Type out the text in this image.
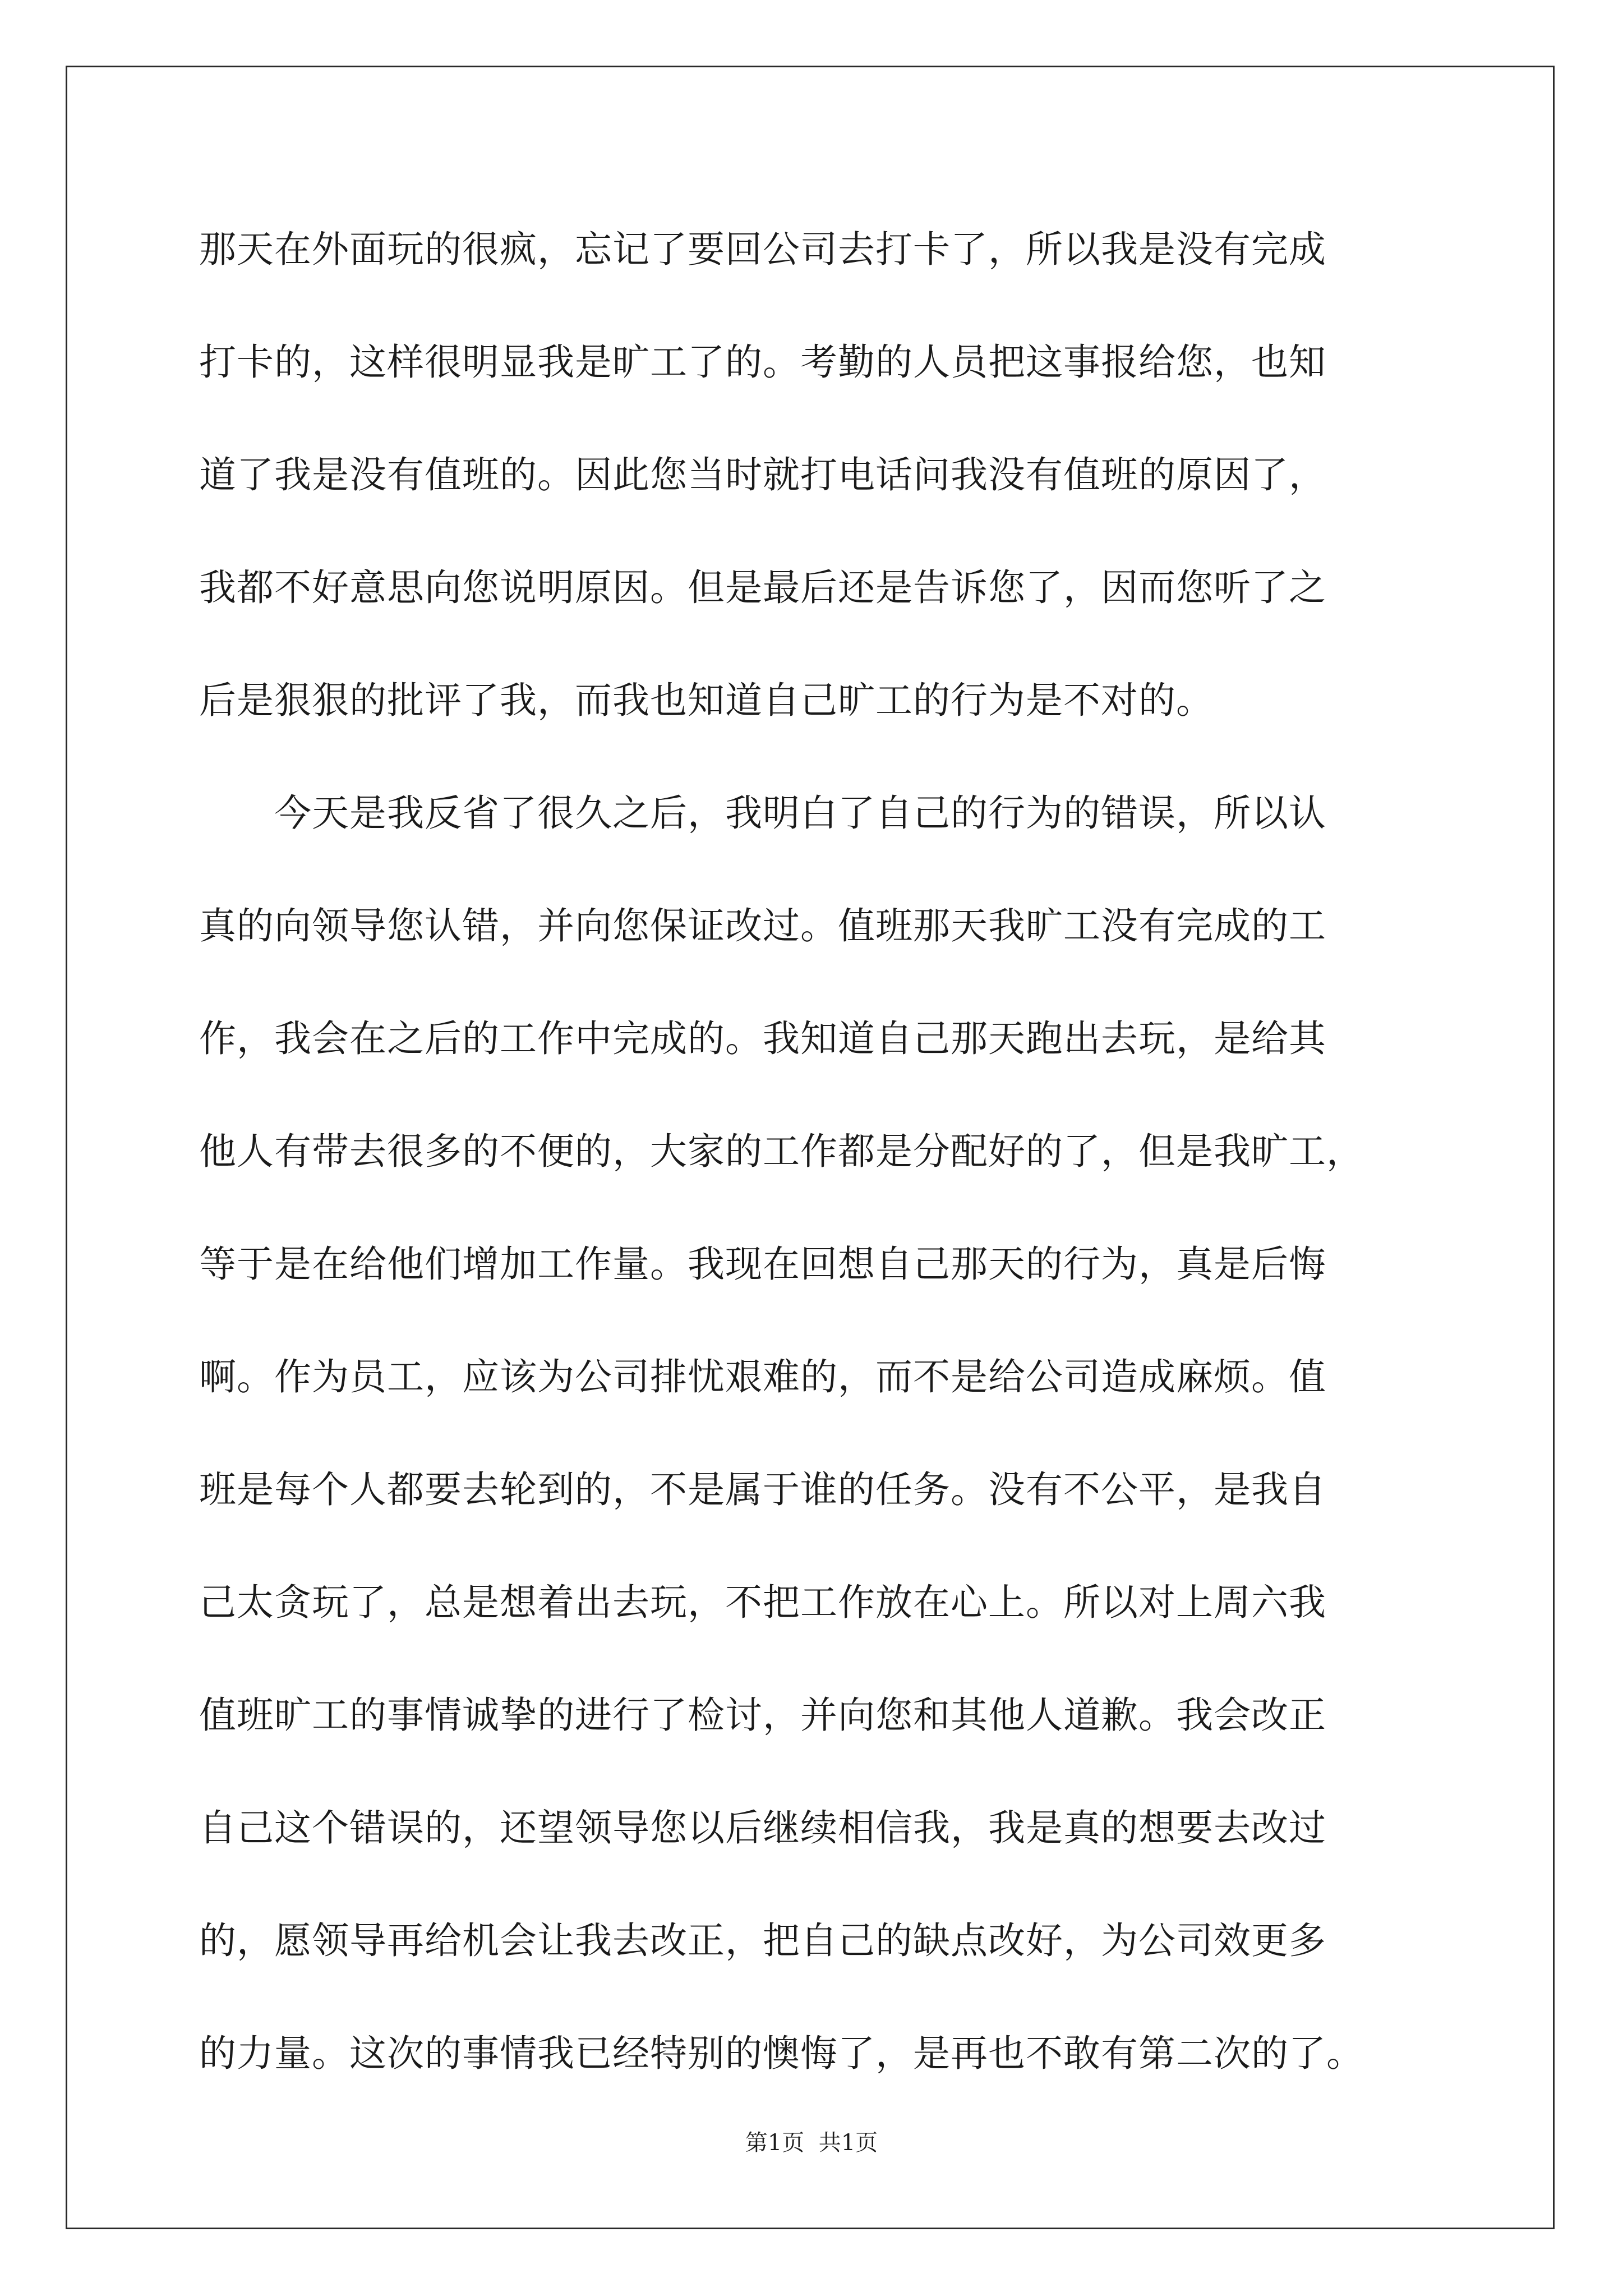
那天在外面玩的很疯，忘记了要回公司去打卡了，所以我是没有完成
打卡的，这样很明显我是旷工了的。考勤的人员把这事报给您，也知
道了我是没有值班的。因此您当时就打电话问我没有值班的原因了，
我都不好意思向您说明原因。但是最后还是告诉您了，因而您听了之
后是狠狠的批评了我，而我也知道自己旷工的行为是不对的。
　　今天是我反省了很久之后，我明白了自己的行为的错误，所以认
真的向领导您认错，并向您保证改过。值班那天我旷工没有完成的工
作，我会在之后的工作中完成的。我知道自己那天跑出去玩，是给其
他人有带去很多的不便的，大家的工作都是分配好的了，但是我旷工，
等于是在给他们增加工作量。我现在回想自己那天的行为，真是后悔
啊。作为员工，应该为公司排忧艰难的，而不是给公司造成麻烦。值
班是每个人都要去轮到的，不是属于谁的任务。没有不公平，是我自
己太贪玩了，总是想着出去玩，不把工作放在心上。所以对上周六我
值班旷工的事情诚挚的进行了检讨，并向您和其他人道歉。我会改正
自己这个错误的，还望领导您以后继续相信我，我是真的想要去改过
的，愿领导再给机会让我去改正，把自己的缺点改好，为公司效更多
的力量。这次的事情我已经特别的懊悔了，是再也不敢有第二次的了。
第1页  共1页
